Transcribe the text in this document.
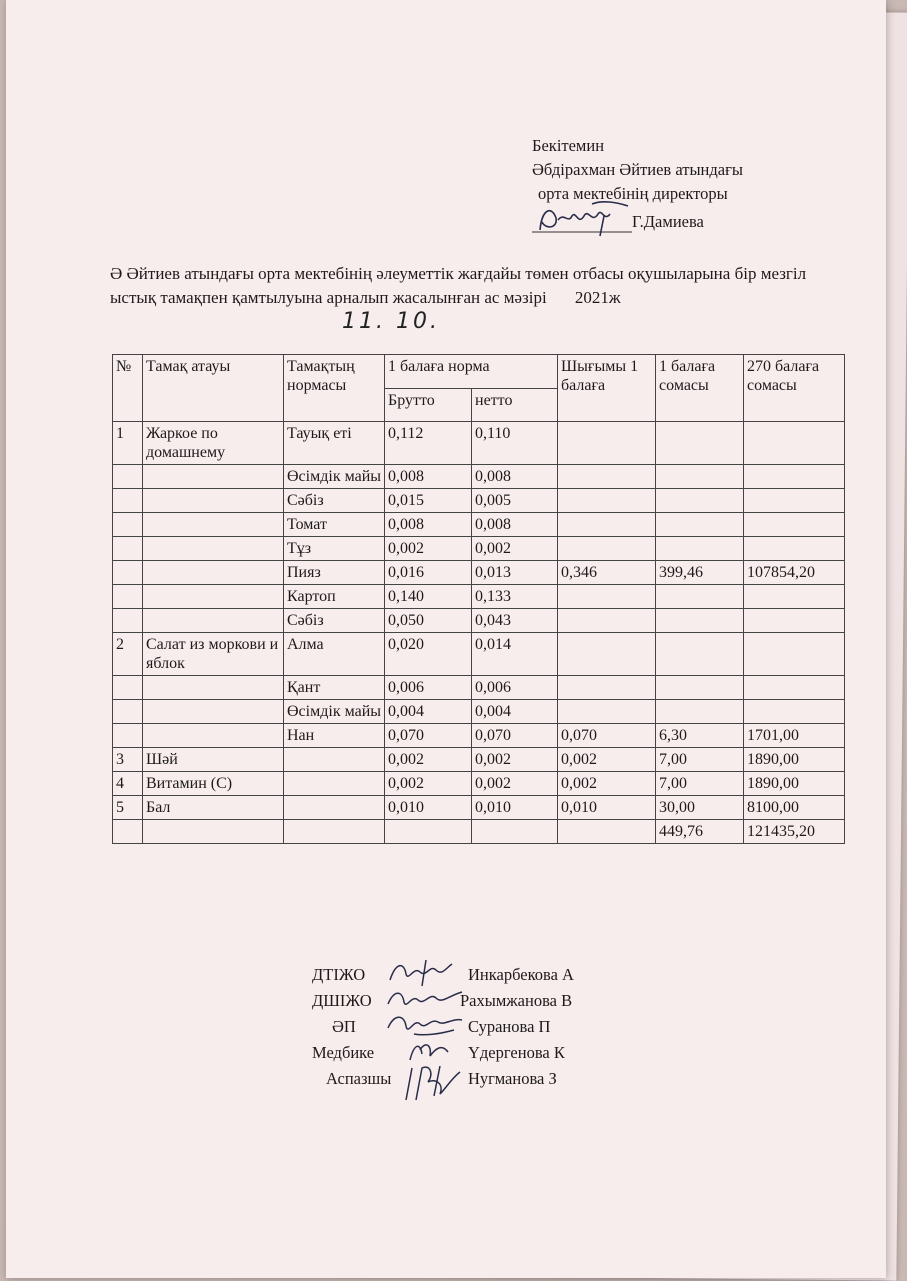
Бекітемин
Әбдірахман Әйтиев атындағы
орта мектебінің директоры
Г.Дамиева
Ә Әйтиев атындағы орта мектебінің әлеуметтік жағдайы төмен отбасы оқушыларына бір мезгіл ыстық тамақпен қамтылуына арналып жасалынған ас мәзірі 2021ж
11. 10.
№	Тамақ атауы	Тамақтың нормасы	1 балаға норма		Шығымы 1 балаға	1 балаға сомасы	270 балаға сомасы
			Брутто	нетто			
1	Жаркое по домашнему	Тауық еті	0,112	0,110			
		Өсімдік майы	0,008	0,008			
		Сәбіз	0,015	0,005			
		Томат	0,008	0,008			
		Тұз	0,002	0,002			
		Пияз	0,016	0,013	0,346	399,46	107854,20
		Картоп	0,140	0,133			
		Сәбіз	0,050	0,043			
2	Салат из моркови и яблок	Алма	0,020	0,014			
		Қант	0,006	0,006			
		Өсімдік майы	0,004	0,004			
		Нан	0,070	0,070	0,070	6,30	1701,00
3	Шәй		0,002	0,002	0,002	7,00	1890,00
4	Витамин (С)		0,002	0,002	0,002	7,00	1890,00
5	Бал		0,010	0,010	0,010	30,00	8100,00
						449,76	121435,20
ДТІЖО	Инкарбекова А
ДШІЖО	Рахымжанова В
ӘП	Суранова П
Медбике	Үдергенова К
Аспазшы	Нугманова З
